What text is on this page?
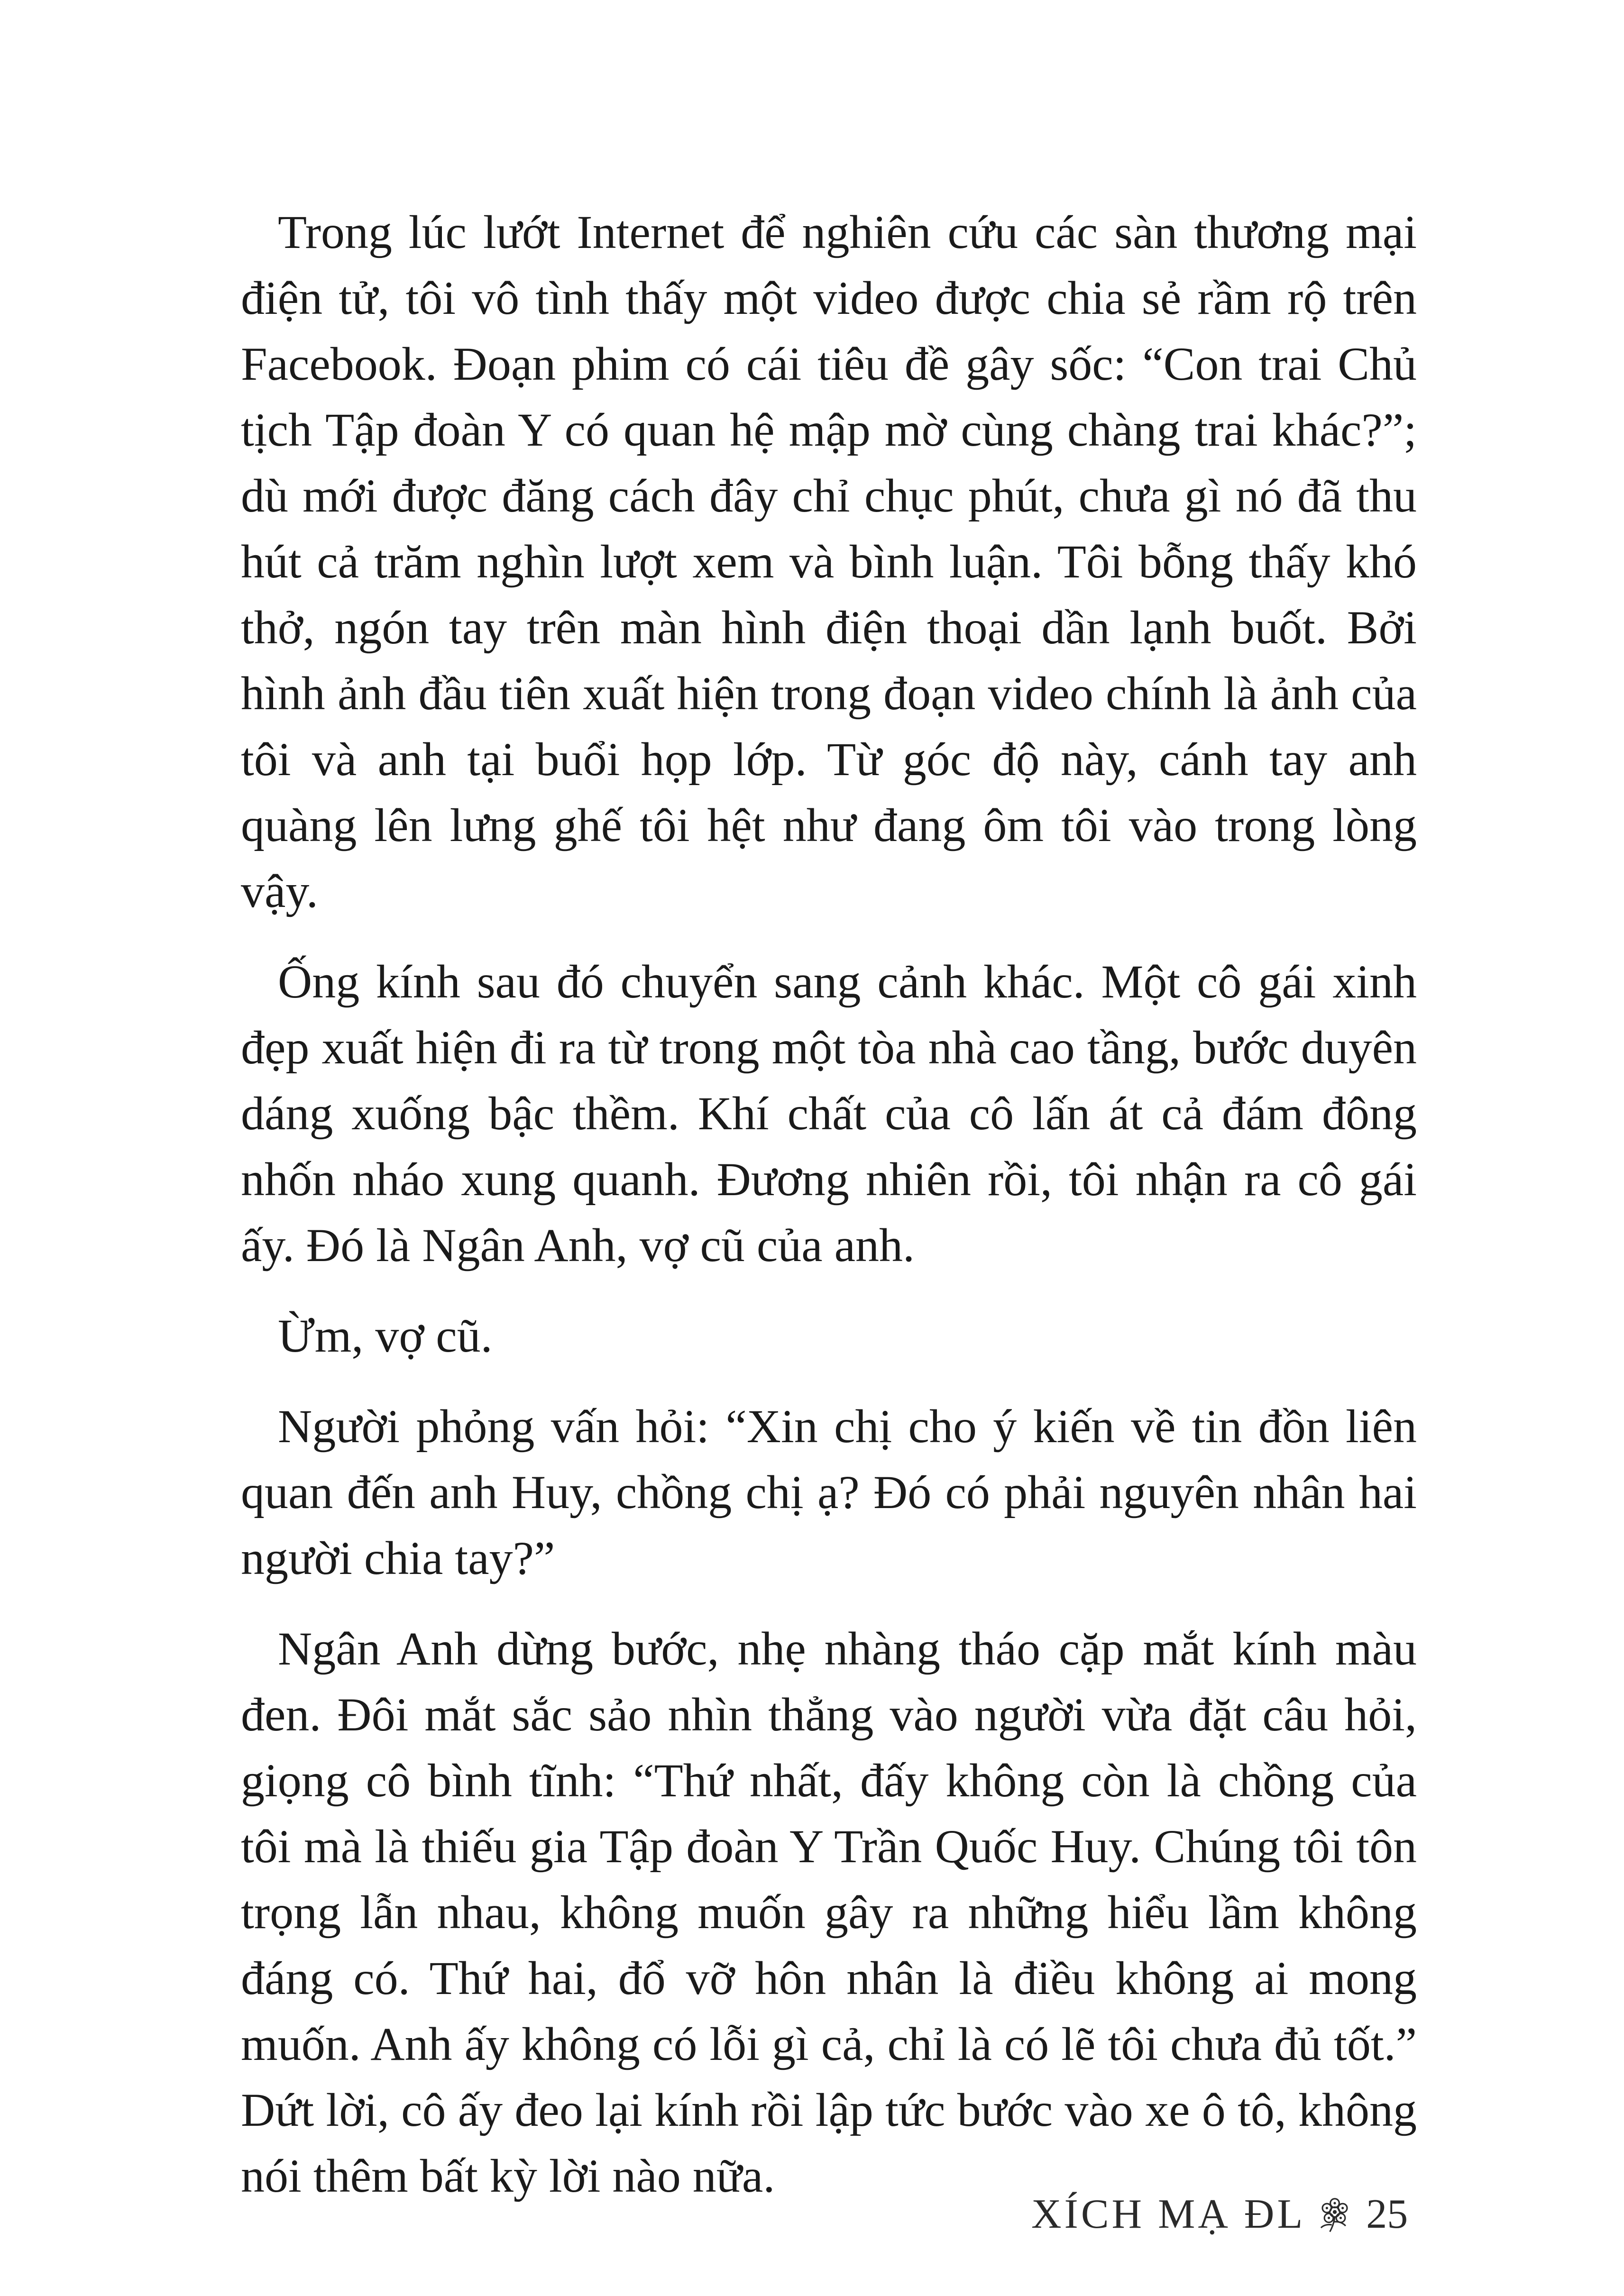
Trong lúc lướt Internet để nghiên cứu các sàn thương mại điện tử, tôi vô tình thấy một video được chia sẻ rầm rộ trên Facebook. Đoạn phim có cái tiêu đề gây sốc: “Con trai Chủ tịch Tập đoàn Y có quan hệ mập mờ cùng chàng trai khác?”; dù mới được đăng cách đây chỉ chục phút, chưa gì nó đã thu hút cả trăm nghìn lượt xem và bình luận. Tôi bỗng thấy khó thở, ngón tay trên màn hình điện thoại dần lạnh buốt. Bởi hình ảnh đầu tiên xuất hiện trong đoạn video chính là ảnh của tôi và anh tại buổi họp lớp. Từ góc độ này, cánh tay anh quàng lên lưng ghế tôi hệt như đang ôm tôi vào trong lòng vậy.

Ống kính sau đó chuyển sang cảnh khác. Một cô gái xinh đẹp xuất hiện đi ra từ trong một tòa nhà cao tầng, bước duyên dáng xuống bậc thềm. Khí chất của cô lấn át cả đám đông nhốn nháo xung quanh. Đương nhiên rồi, tôi nhận ra cô gái ấy. Đó là Ngân Anh, vợ cũ của anh.

Ừm, vợ cũ.

Người phỏng vấn hỏi: “Xin chị cho ý kiến về tin đồn liên quan đến anh Huy, chồng chị ạ? Đó có phải nguyên nhân hai người chia tay?”

Ngân Anh dừng bước, nhẹ nhàng tháo cặp mắt kính màu đen. Đôi mắt sắc sảo nhìn thẳng vào người vừa đặt câu hỏi, giọng cô bình tĩnh: “Thứ nhất, đấy không còn là chồng của tôi mà là thiếu gia Tập đoàn Y Trần Quốc Huy. Chúng tôi tôn trọng lẫn nhau, không muốn gây ra những hiểu lầm không đáng có. Thứ hai, đổ vỡ hôn nhân là điều không ai mong muốn. Anh ấy không có lỗi gì cả, chỉ là có lẽ tôi chưa đủ tốt.” Dứt lời, cô ấy đeo lại kính rồi lập tức bước vào xe ô tô, không nói thêm bất kỳ lời nào nữa.

XÍCH MẠ ĐL 25
